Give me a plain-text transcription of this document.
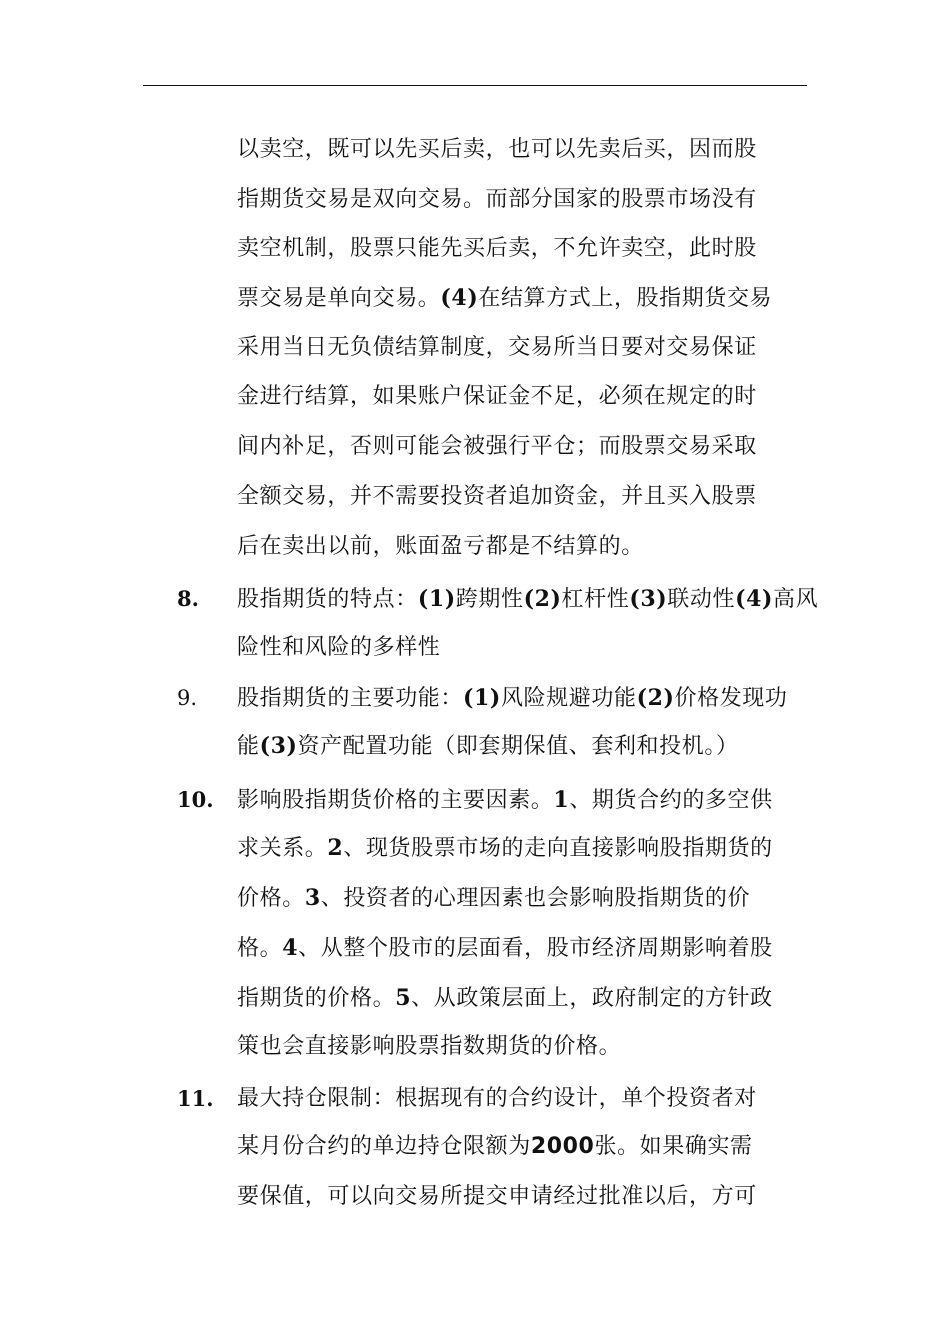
以卖空，既可以先买后卖，也可以先卖后买，因而股
指期货交易是双向交易。而部分国家的股票市场没有
卖空机制，股票只能先买后卖，不允许卖空，此时股
票交易是单向交易。(4)在结算方式上，股指期货交易
采用当日无负债结算制度，交易所当日要对交易保证
金进行结算，如果账户保证金不足，必须在规定的时
间内补足，否则可能会被强行平仓；而股票交易采取
全额交易，并不需要投资者追加资金，并且买入股票
后在卖出以前，账面盈亏都是不结算的。
8. 股指期货的特点：(1)跨期性(2)杠杆性(3)联动性(4)高风
险性和风险的多样性
9. 股指期货的主要功能：(1)风险规避功能(2)价格发现功
能(3)资产配置功能（即套期保值、套利和投机。）
10. 影响股指期货价格的主要因素。1、期货合约的多空供
求关系。2、现货股票市场的走向直接影响股指期货的
价格。3、投资者的心理因素也会影响股指期货的价
格。4、从整个股市的层面看，股市经济周期影响着股
指期货的价格。5、从政策层面上，政府制定的方针政
策也会直接影响股票指数期货的价格。
11. 最大持仓限制：根据现有的合约设计，单个投资者对
某月份合约的单边持仓限额为2000张。如果确实需
要保值，可以向交易所提交申请经过批准以后，方可
